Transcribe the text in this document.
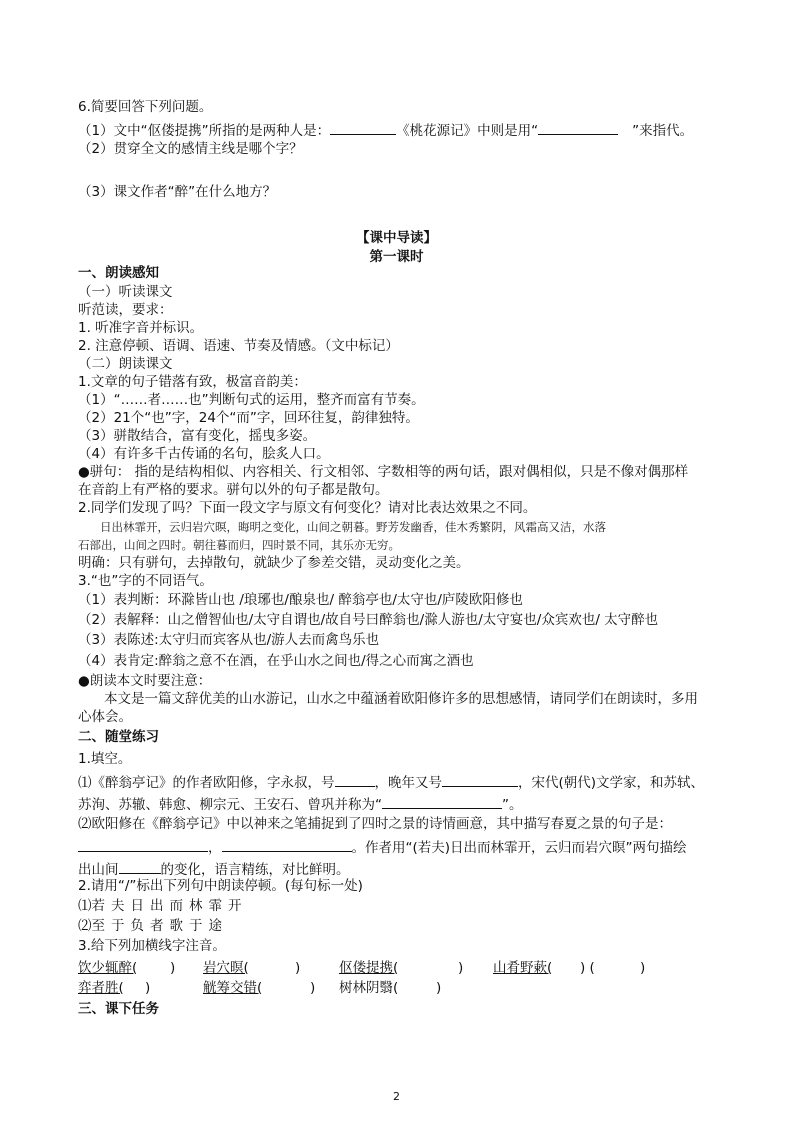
6.简要回答下列问题。
（1）文中“伛偻提携”所指的是两种人是：	《桃花源记》中则是用“	”来指代。
（2）贯穿全文的感情主线是哪个字？
（3）课文作者“醉”在什么地方？
【课中导读】
第一课时
一、朗读感知
（一）听读课文
听范读，要求：
1. 听准字音并标识。
2. 注意停顿、语调、语速、节奏及情感。（文中标记）
（二）朗读课文
1.文章的句子错落有致，极富音韵美：
（1）“……者……也”判断句式的运用，整齐而富有节奏。
（2）21个“也”字，24个“而”字，回环往复，韵律独特。
（3）骈散结合，富有变化，摇曳多姿。
（4）有许多千古传诵的名句，脍炙人口。
●骈句： 指的是结构相似、内容相关、行文相邻、字数相等的两句话，跟对偶相似，只是不像对偶那样
在音韵上有严格的要求。骈句以外的句子都是散句。
2.同学们发现了吗？下面一段文字与原文有何变化？请对比表达效果之不同。
日出林霏开，云归岩穴暝，晦明之变化，山间之朝暮。野芳发幽香，佳木秀繁阴，风霜高又洁，水落
石部出，山间之四时。朝往暮而归，四时景不同，其乐亦无穷。
明确：只有骈句，去掉散句，就缺少了参差交错，灵动变化之美。
3.“也”字的不同语气。
（1）表判断：环滁皆山也 /琅琊也/酿泉也/ 醉翁亭也/太守也/庐陵欧阳修也
（2）表解释：山之僧智仙也/太守自谓也/故自号曰醉翁也/滁人游也/太守宴也/众宾欢也/ 太守醉也
（3）表陈述:太守归而宾客从也/游人去而禽鸟乐也
（4）表肯定:醉翁之意不在酒，在乎山水之间也/得之心而寓之酒也
●朗读本文时要注意：
本文是一篇文辞优美的山水游记，山水之中蕴涵着欧阳修许多的思想感情，请同学们在朗读时，多用
心体会。
二、随堂练习
1.填空。
⑴《醉翁亭记》的作者欧阳修，字永叔，号	，晚年又号	，宋代(朝代)文学家，和苏轼、
苏洵、苏辙、韩愈、柳宗元、王安石、曾巩并称为“	”。
⑵欧阳修在《醉翁亭记》中以神来之笔捕捉到了四时之景的诗情画意，其中描写春夏之景的句子是：
，	。作者用“(若夫)日出而林霏开，云归而岩穴暝”两句描绘
出山间	的变化，语言精练，对比鲜明。
2.请用“/”标出下列句中朗读停顿。(每句标一处)
⑴若夫日出而林霏开
⑵至于负者歌于途
3.给下列加横线字注音。
饮少辄醉( ) 岩穴暝(	)	伛偻提携(	) 山肴野蔌( ) (	)
弈者胜( )	觥筹交错(	) 树林阴翳(	)
三、课下任务
2
